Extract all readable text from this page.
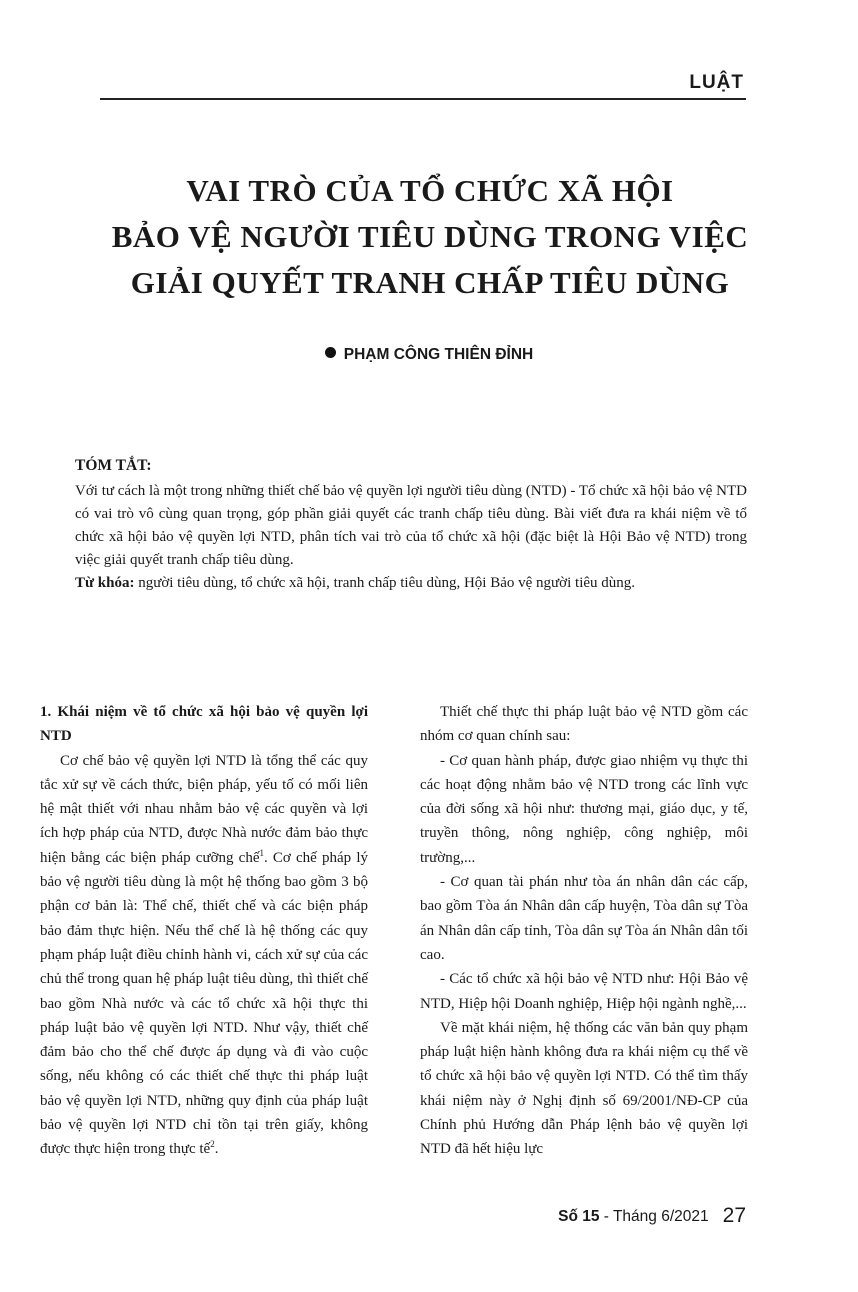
LUẬT
VAI TRÒ CỦA TỔ CHỨC XÃ HỘI
BẢO VỆ NGƯỜI TIÊU DÙNG TRONG VIỆC
GIẢI QUYẾT TRANH CHẤP TIÊU DÙNG
PHẠM CÔNG THIÊN ĐỈNH
TÓM TẮT:

Với tư cách là một trong những thiết chế bảo vệ quyền lợi người tiêu dùng (NTD) - Tổ chức xã hội bảo vệ NTD có vai trò vô cùng quan trọng, góp phần giải quyết các tranh chấp tiêu dùng. Bài viết đưa ra khái niệm về tổ chức xã hội bảo vệ quyền lợi NTD, phân tích vai trò của tổ chức xã hội (đặc biệt là Hội Bảo vệ NTD) trong việc giải quyết tranh chấp tiêu dùng.

Từ khóa: người tiêu dùng, tổ chức xã hội, tranh chấp tiêu dùng, Hội Bảo vệ người tiêu dùng.

1. Khái niệm về tổ chức xã hội bảo vệ quyền lợi NTD

Cơ chế bảo vệ quyền lợi NTD là tổng thể các quy tắc xử sự về cách thức, biện pháp, yếu tố có mối liên hệ mật thiết với nhau nhằm bảo vệ các quyền và lợi ích hợp pháp của NTD, được Nhà nước đảm bảo thực hiện bằng các biện pháp cưỡng chế$^1$. Cơ chế pháp lý bảo vệ người tiêu dùng là một hệ thống bao gồm 3 bộ phận cơ bản là: Thể chế, thiết chế và các biện pháp bảo đảm thực hiện. Nếu thể chế là hệ thống các quy phạm pháp luật điều chỉnh hành vi, cách xử sự của các chủ thể trong quan hệ pháp luật tiêu dùng, thì thiết chế bao gồm Nhà nước và các tổ chức xã hội thực thi pháp luật bảo vệ quyền lợi NTD. Như vậy, thiết chế đảm bảo cho thể chế được áp dụng và đi vào cuộc sống, nếu không có các thiết chế thực thi pháp luật bảo vệ quyền lợi NTD, những quy định của pháp luật bảo vệ quyền lợi NTD chỉ tồn tại trên giấy, không được thực hiện trong thực tế$^2$.

Thiết chế thực thi pháp luật bảo vệ NTD gồm các nhóm cơ quan chính sau:

- Cơ quan hành pháp, được giao nhiệm vụ thực thi các hoạt động nhằm bảo vệ NTD trong các lĩnh vực của đời sống xã hội như: thương mại, giáo dục, y tế, truyền thông, nông nghiệp, công nghiệp, môi trường,...

- Cơ quan tài phán như tòa án nhân dân các cấp, bao gồm Tòa án Nhân dân cấp huyện, Tòa dân sự Tòa án Nhân dân cấp tỉnh, Tòa dân sự Tòa án Nhân dân tối cao.

- Các tổ chức xã hội bảo vệ NTD như: Hội Bảo vệ NTD, Hiệp hội Doanh nghiệp, Hiệp hội ngành nghề,...

Về mặt khái niệm, hệ thống các văn bản quy phạm pháp luật hiện hành không đưa ra khái niệm cụ thể về tổ chức xã hội bảo vệ quyền lợi NTD. Có thể tìm thấy khái niệm này ở Nghị định số 69/2001/NĐ-CP của Chính phủ Hướng dẫn Pháp lệnh bảo vệ quyền lợi NTD đã hết hiệu lực

Số 15 - Tháng 6/2021 27
